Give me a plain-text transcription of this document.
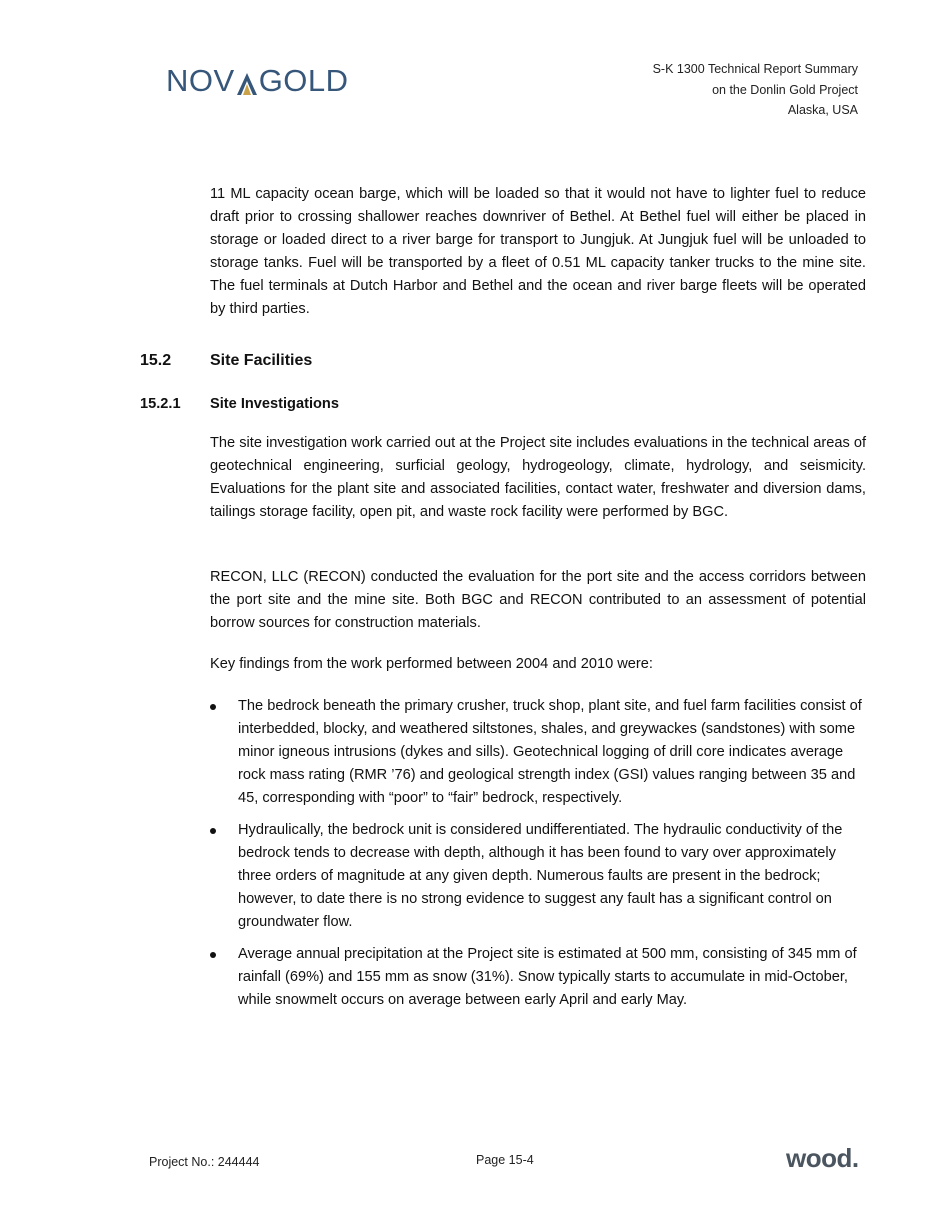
NOV GOLD	S-K 1300 Technical Report Summary
on the Donlin Gold Project
Alaska, USA

11 ML capacity ocean barge, which will be loaded so that it would not have to lighter fuel to reduce draft prior to crossing shallower reaches downriver of Bethel. At Bethel fuel will either be placed in storage or loaded direct to a river barge for transport to Jungjuk. At Jungjuk fuel will be unloaded to storage tanks. Fuel will be transported by a fleet of 0.51 ML capacity tanker trucks to the mine site. The fuel terminals at Dutch Harbor and Bethel and the ocean and river barge fleets will be operated by third parties.

15.2 Site Facilities
15.2.1 Site Investigations

The site investigation work carried out at the Project site includes evaluations in the technical areas of geotechnical engineering, surficial geology, hydrogeology, climate, hydrology, and seismicity. Evaluations for the plant site and associated facilities, contact water, freshwater and diversion dams, tailings storage facility, open pit, and waste rock facility were performed by BGC.

RECON, LLC (RECON) conducted the evaluation for the port site and the access corridors between the port site and the mine site. Both BGC and RECON contributed to an assessment of potential borrow sources for construction materials.

Key findings from the work performed between 2004 and 2010 were:

The bedrock beneath the primary crusher, truck shop, plant site, and fuel farm facilities consist of interbedded, blocky, and weathered siltstones, shales, and greywackes (sandstones) with some minor igneous intrusions (dykes and sills). Geotechnical logging of drill core indicates average rock mass rating (RMR ’76) and geological strength index (GSI) values ranging between 35 and 45, corresponding with “poor” to “fair” bedrock, respectively.
Hydraulically, the bedrock unit is considered undifferentiated. The hydraulic conductivity of the bedrock tends to decrease with depth, although it has been found to vary over approximately three orders of magnitude at any given depth. Numerous faults are present in the bedrock; however, to date there is no strong evidence to suggest any fault has a significant control on groundwater flow.
Average annual precipitation at the Project site is estimated at 500 mm, consisting of 345 mm of rainfall (69%) and 155 mm as snow (31%). Snow typically starts to accumulate in mid-October, while snowmelt occurs on average between early April and early May.
Project No.: 244444	Page 15-4	wood.
